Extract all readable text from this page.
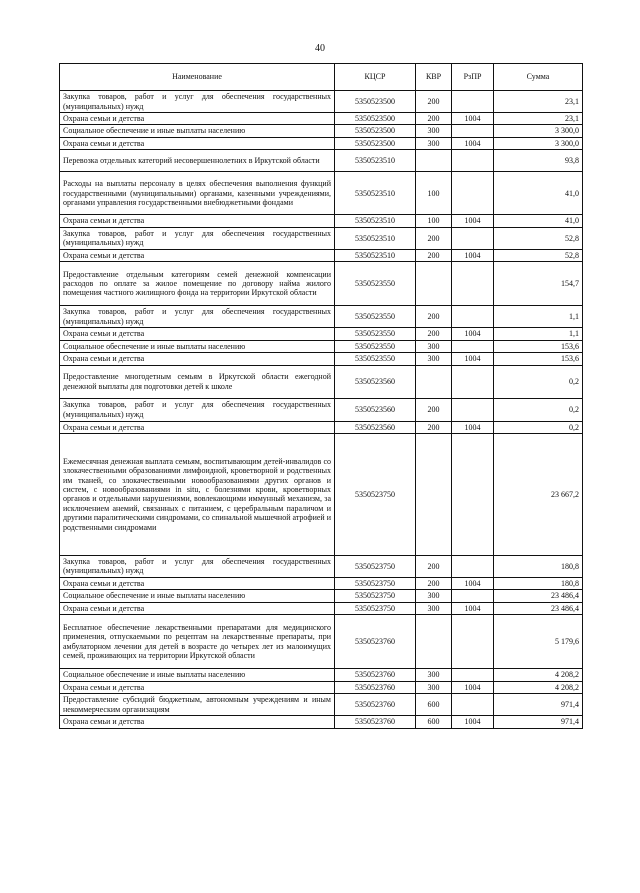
40
Наименование	КЦСР	КВР	РзПР	Сумма
Закупка товаров, работ и услуг для обеспечения государственных (муниципальных) нужд	5350523500	200		23,1
Охрана семьи и детства	5350523500	200	1004	23,1
Социальное обеспечение и иные выплаты населению	5350523500	300		3 300,0
Охрана семьи и детства	5350523500	300	1004	3 300,0
Перевозка отдельных категорий несовершеннолетних в Иркутской области	5350523510			93,8
Расходы на выплаты персоналу в целях обеспечения выполнения функций государственными (муниципальными) органами, казенными учреждениями, органами управления государственными внебюджетными фондами	5350523510	100		41,0
Охрана семьи и детства	5350523510	100	1004	41,0
Закупка товаров, работ и услуг для обеспечения государственных (муниципальных) нужд	5350523510	200		52,8
Охрана семьи и детства	5350523510	200	1004	52,8
Предоставление отдельным категориям семей денежной компенсации расходов по оплате за жилое помещение по договору найма жилого помещения частного жилищного фонда на территории Иркутской области	5350523550			154,7
Закупка товаров, работ и услуг для обеспечения государственных (муниципальных) нужд	5350523550	200		1,1
Охрана семьи и детства	5350523550	200	1004	1,1
Социальное обеспечение и иные выплаты населению	5350523550	300		153,6
Охрана семьи и детства	5350523550	300	1004	153,6
Предоставление многодетным семьям в Иркутской области ежегодной денежной выплаты для подготовки детей к школе	5350523560			0,2
Закупка товаров, работ и услуг для обеспечения государственных (муниципальных) нужд	5350523560	200		0,2
Охрана семьи и детства	5350523560	200	1004	0,2
Ежемесячная денежная выплата семьям, воспитывающим детей-инвалидов со злокачественными образованиями лимфоидной, кроветворной и родственных им тканей, со злокачественными новообразованиями других органов и систем, с новообразованиями in situ, с болезнями крови, кроветворных органов и отдельными нарушениями, вовлекающими иммунный механизм, за исключением анемий, связанных с питанием, с церебральным параличом и другими паралитическими синдромами, со спинальной мышечной атрофией и родственными синдромами	5350523750			23 667,2
Закупка товаров, работ и услуг для обеспечения государственных (муниципальных) нужд	5350523750	200		180,8
Охрана семьи и детства	5350523750	200	1004	180,8
Социальное обеспечение и иные выплаты населению	5350523750	300		23 486,4
Охрана семьи и детства	5350523750	300	1004	23 486,4
Бесплатное обеспечение лекарственными препаратами для медицинского применения, отпускаемыми по рецептам на лекарственные препараты, при амбулаторном лечении для детей в возрасте до четырех лет из малоимущих семей, проживающих на территории Иркутской области	5350523760			5 179,6
Социальное обеспечение и иные выплаты населению	5350523760	300		4 208,2
Охрана семьи и детства	5350523760	300	1004	4 208,2
Предоставление субсидий бюджетным, автономным учреждениям и иным некоммерческим организациям	5350523760	600		971,4
Охрана семьи и детства	5350523760	600	1004	971,4
